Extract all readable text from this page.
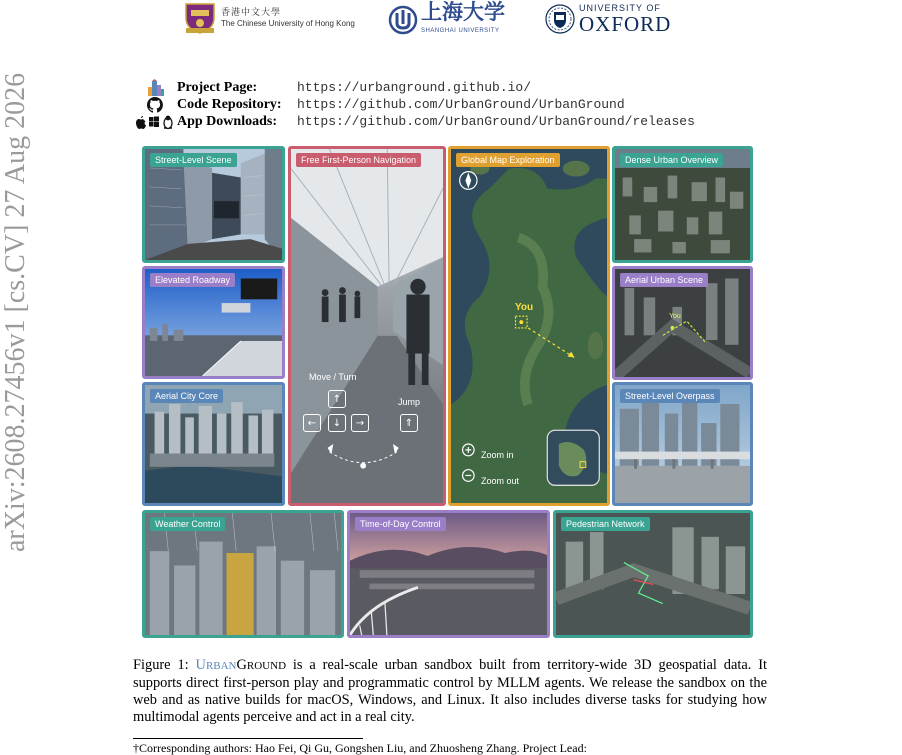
arXiv:2608.27456v1 [cs.CV] 27 Aug 2026
香港中文大學
The Chinese University of Hong Kong	上海大学
SHANGHAI UNIVERSITY
UNIVERSITY OF
OXFORD
Project Page:	https://urbanground.github.io/
Code Repository:	https://github.com/UrbanGround/UrbanGround
App Downloads:	https://github.com/UrbanGround/UrbanGround/releases
Street-Level Scene
Elevated Roadway
Aerial City Core
Free First-Person Navigation
Move / Turn
↑
←	↓	→
Jump
⇑
Global Map Exploration
You
Zoom in
Zoom out
Dense Urban Overview
Aerial Urban Scene
You
Street-Level Overpass
Weather Control	Time-of-Day Control	Pedestrian Network
Figure 1: URBANGROUND is a real-scale urban sandbox built from territory-wide 3D geospatial data. It supports direct first-person play and programmatic control by MLLM agents. We release the sandbox on the web and as native builds for macOS, Windows, and Linux. It also includes diverse tasks for studying how multimodal agents perceive and act in a real city.
†Corresponding authors: Hao Fei, Qi Gu, Gongshen Liu, and Zhuosheng Zhang. Project Lead:
